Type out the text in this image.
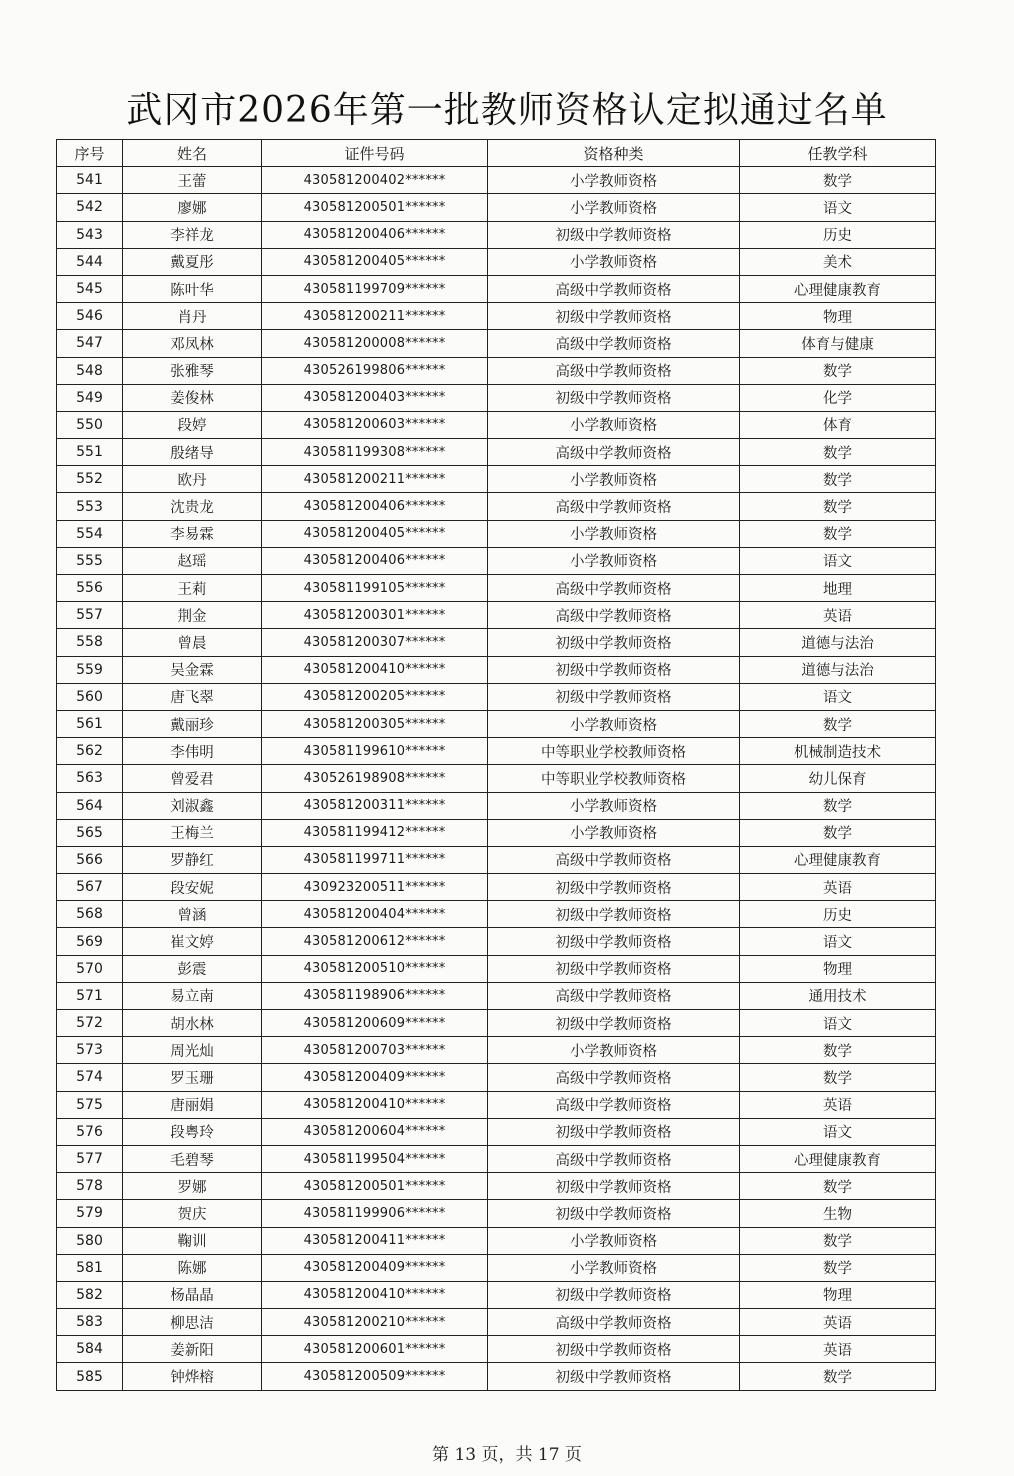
武冈市2026年第一批教师资格认定拟通过名单
序号	姓名	证件号码	资格种类	任教学科
541	王蕾	430581200402******	小学教师资格	数学
542	廖娜	430581200501******	小学教师资格	语文
543	李祥龙	430581200406******	初级中学教师资格	历史
544	戴夏彤	430581200405******	小学教师资格	美术
545	陈叶华	430581199709******	高级中学教师资格	心理健康教育
546	肖丹	430581200211******	初级中学教师资格	物理
547	邓凤林	430581200008******	高级中学教师资格	体育与健康
548	张雅琴	430526199806******	高级中学教师资格	数学
549	姜俊林	430581200403******	初级中学教师资格	化学
550	段婷	430581200603******	小学教师资格	体育
551	殷绪导	430581199308******	高级中学教师资格	数学
552	欧丹	430581200211******	小学教师资格	数学
553	沈贵龙	430581200406******	高级中学教师资格	数学
554	李易霖	430581200405******	小学教师资格	数学
555	赵瑶	430581200406******	小学教师资格	语文
556	王莉	430581199105******	高级中学教师资格	地理
557	荆金	430581200301******	高级中学教师资格	英语
558	曾晨	430581200307******	初级中学教师资格	道德与法治
559	吴金霖	430581200410******	初级中学教师资格	道德与法治
560	唐飞翠	430581200205******	初级中学教师资格	语文
561	戴丽珍	430581200305******	小学教师资格	数学
562	李伟明	430581199610******	中等职业学校教师资格	机械制造技术
563	曾爱君	430526198908******	中等职业学校教师资格	幼儿保育
564	刘淑鑫	430581200311******	小学教师资格	数学
565	王梅兰	430581199412******	小学教师资格	数学
566	罗静红	430581199711******	高级中学教师资格	心理健康教育
567	段安妮	430923200511******	初级中学教师资格	英语
568	曾涵	430581200404******	初级中学教师资格	历史
569	崔文婷	430581200612******	初级中学教师资格	语文
570	彭震	430581200510******	初级中学教师资格	物理
571	易立南	430581198906******	高级中学教师资格	通用技术
572	胡水林	430581200609******	初级中学教师资格	语文
573	周光灿	430581200703******	小学教师资格	数学
574	罗玉珊	430581200409******	高级中学教师资格	数学
575	唐丽娟	430581200410******	高级中学教师资格	英语
576	段粤玲	430581200604******	初级中学教师资格	语文
577	毛碧琴	430581199504******	高级中学教师资格	心理健康教育
578	罗娜	430581200501******	初级中学教师资格	数学
579	贺庆	430581199906******	初级中学教师资格	生物
580	鞠训	430581200411******	小学教师资格	数学
581	陈娜	430581200409******	小学教师资格	数学
582	杨晶晶	430581200410******	初级中学教师资格	物理
583	柳思洁	430581200210******	高级中学教师资格	英语
584	姜新阳	430581200601******	初级中学教师资格	英语
585	钟烨榕	430581200509******	初级中学教师资格	数学
第 13 页，共 17 页
